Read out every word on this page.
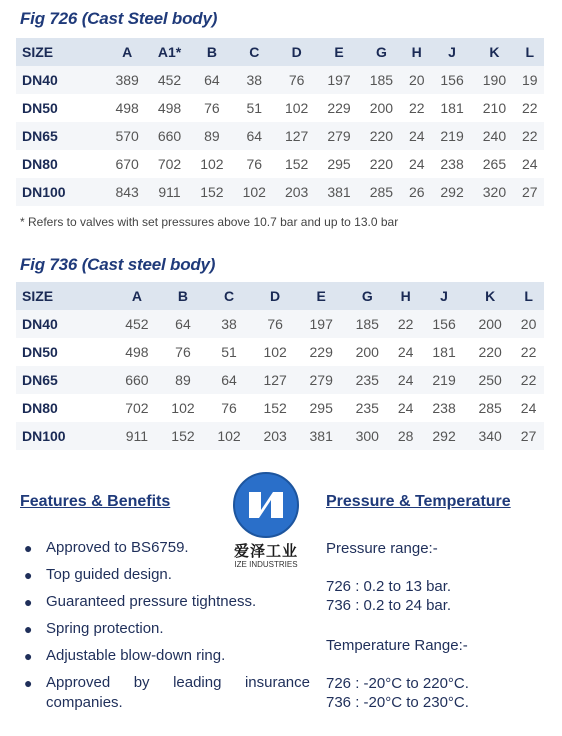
Fig 726 (Cast Steel body)
SIZE	A	A1*	B	C	D	E	G	H	J	K	L
DN40	389	452	64	38	76	197	185	20	156	190	19
DN50	498	498	76	51	102	229	200	22	181	210	22
DN65	570	660	89	64	127	279	220	24	219	240	22
DN80	670	702	102	76	152	295	220	24	238	265	24
DN100	843	911	152	102	203	381	285	26	292	320	27
* Refers to valves with set pressures above 10.7 bar and up to 13.0 bar
Fig 736 (Cast steel body)
SIZE	A	B	C	D	E	G	H	J	K	L
DN40	452	64	38	76	197	185	22	156	200	20
DN50	498	76	51	102	229	200	24	181	220	22
DN65	660	89	64	127	279	235	24	219	250	22
DN80	702	102	76	152	295	235	24	238	285	24
DN100	911	152	102	203	381	300	28	292	340	27
Features & Benefits
● Approved to BS6759.
● Top guided design.
● Guaranteed pressure tightness.
● Spring protection.
● Adjustable blow-down ring.
● Approved by leading insurance companies.
爱泽工业
IZE INDUSTRIES
Pressure & Temperature
Pressure range:-
726 : 0.2 to 13 bar.
736 : 0.2 to 24 bar.
Temperature Range:-
726 : -20°C to 220°C.
736 : -20°C to 230°C.
